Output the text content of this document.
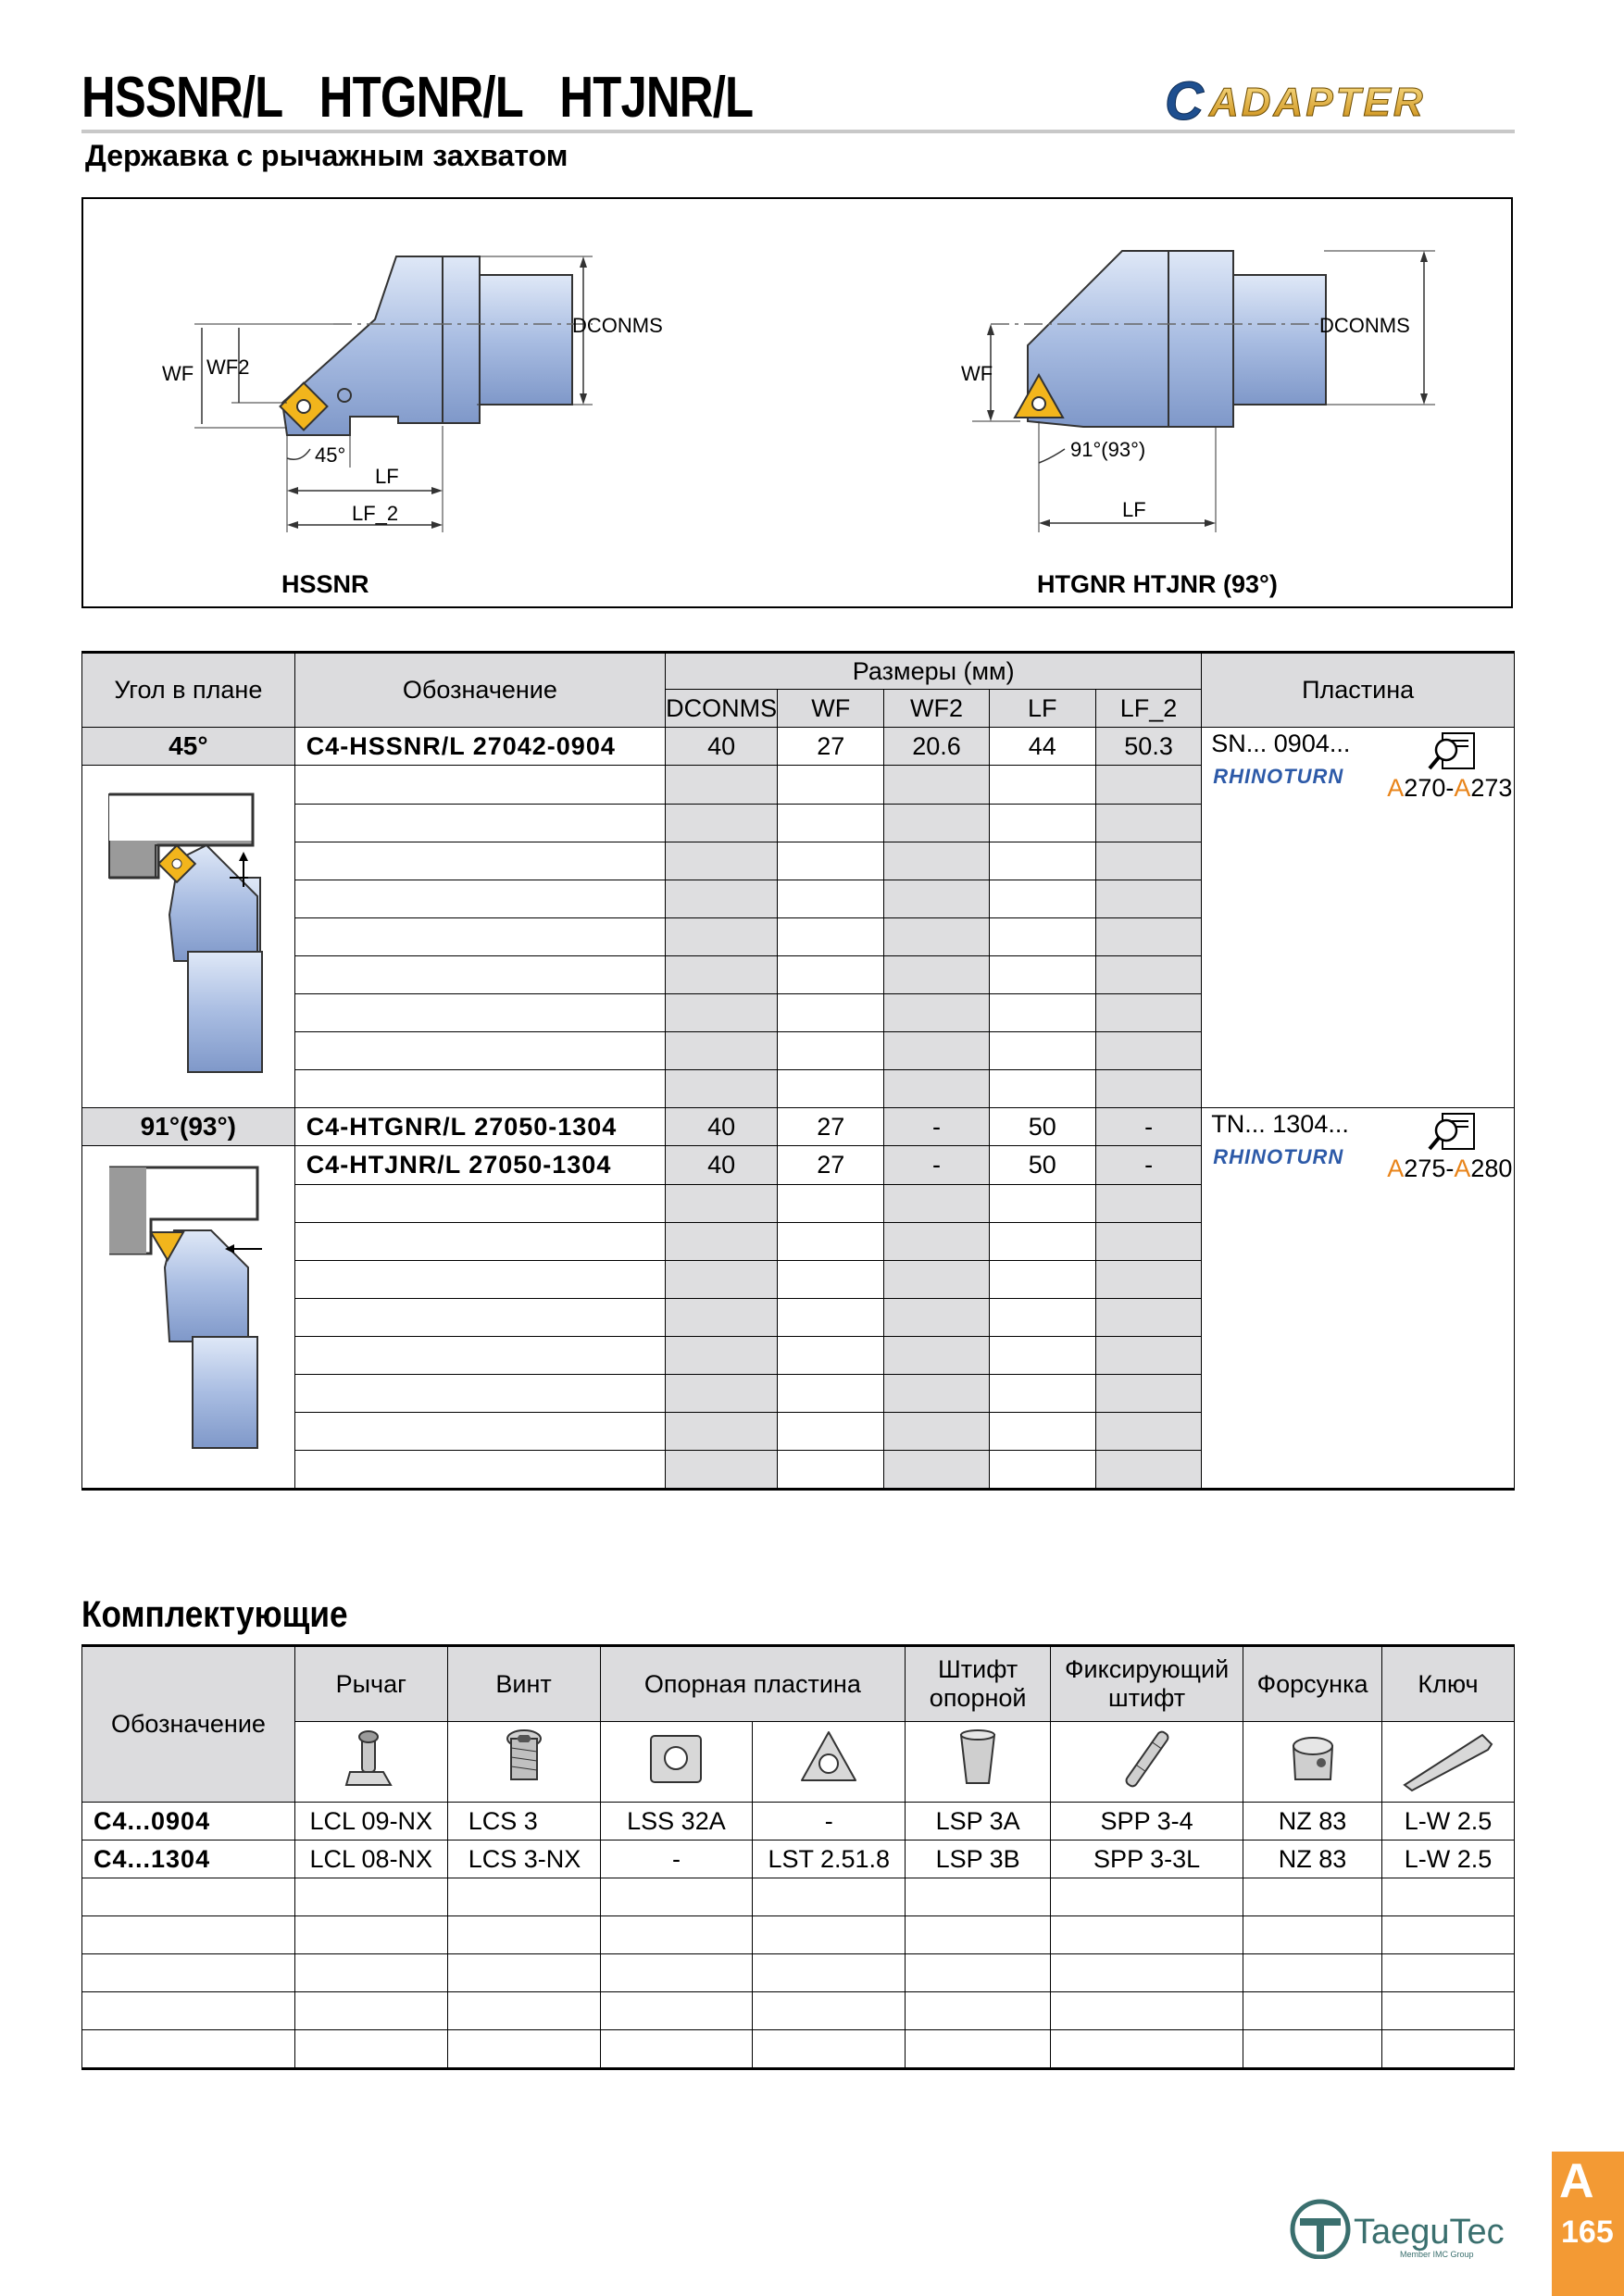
HSSNR/L HTGNR/L HTJNR/L
Державка с рычажным захватом
C ADAPTER
DCONMS
WF WF2
45°
LF
LF_2
HSSNR
DCONMS
WF
91°(93°)
LF
HTGNR HTJNR (93°)
Угол в плане	Обозначение	Размеры (мм)					Пластина
		DCONMS	WF	WF2	LF	LF_2	
45°	C4-HSSNR/L 27042-0904	40	27	20.6	44	50.3	SN... 0904...
RHINOTURN A270-A273

91°(93°)	C4-HTGNR/L 27050-1304	40	27	-	50	-	TN... 1304...
RHINOTURN A275-A280

	C4-HTJNR/L 27050-1304	40	27	-	50	-	

Комплектующие
Обозначение	Рычаг	Винт	Опорная пластина		Штифт опорной	Фиксирующий штифт	Форсунка	Ключ

C4...0904	LCL 09-NX	LCS 3	LSS 32A	-	LSP 3A	SPP 3-4	NZ 83	L-W 2.5
C4...1304	LCL 08-NX	LCS 3-NX	-	LST 2.51.8	LSP 3B	SPP 3-3L	NZ 83	L-W 2.5

TaeguTec
Member IMC Group
A
165
